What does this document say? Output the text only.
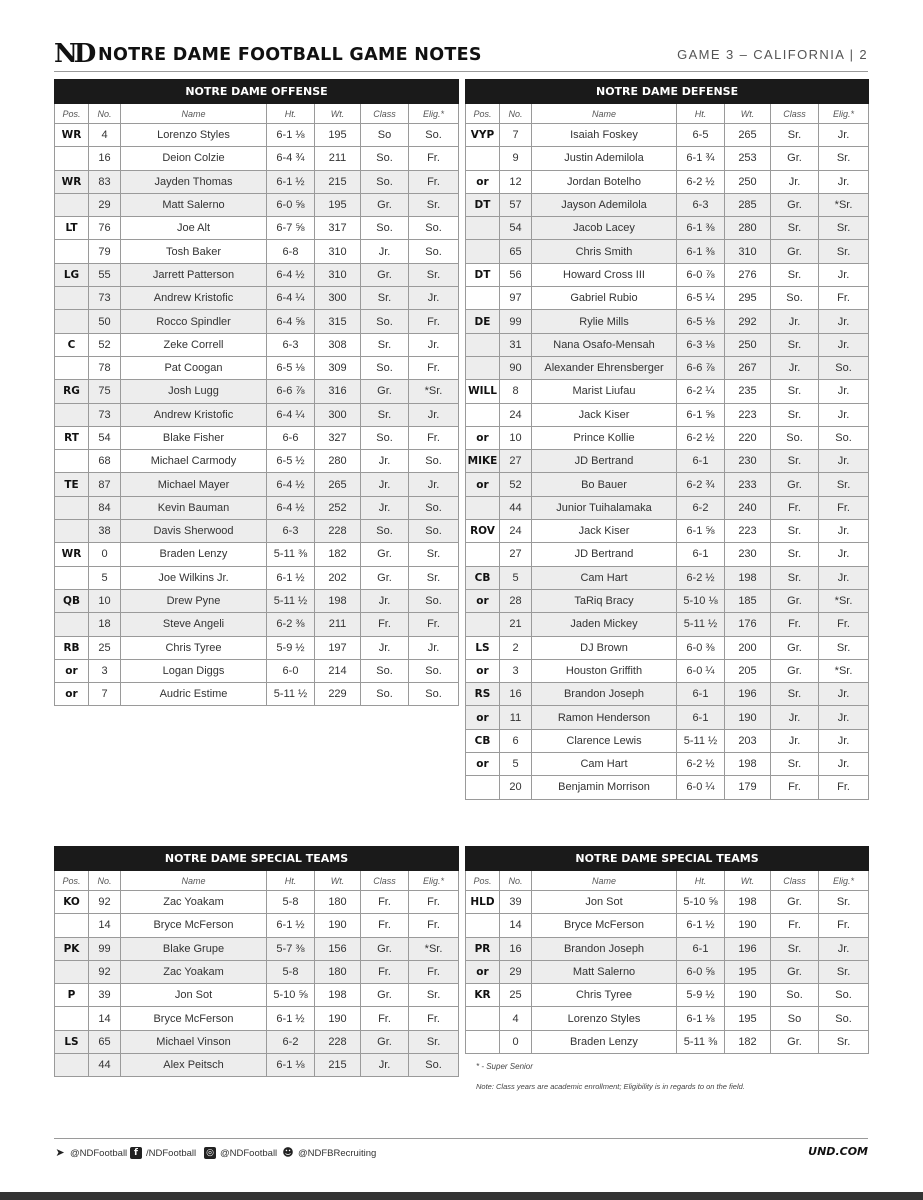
ND NOTRE DAME FOOTBALL GAME NOTES	GAME 3 – CALIFORNIA | 2
NOTRE DAME OFFENSE						
Pos.	No.	Name	Ht.	Wt.	Class	Elig.*
WR	4	Lorenzo Styles	6-1 ⅛	195	So	So.
	16	Deion Colzie	6-4 ¾	211	So.	Fr.
WR	83	Jayden Thomas	6-1 ½	215	So.	Fr.
	29	Matt Salerno	6-0 ⅝	195	Gr.	Sr.
LT	76	Joe Alt	6-7 ⅝	317	So.	So.
	79	Tosh Baker	6-8	310	Jr.	So.
LG	55	Jarrett Patterson	6-4 ½	310	Gr.	Sr.
	73	Andrew Kristofic	6-4 ¼	300	Sr.	Jr.
	50	Rocco Spindler	6-4 ⅝	315	So.	Fr.
C	52	Zeke Correll	6-3	308	Sr.	Jr.
	78	Pat Coogan	6-5 ⅛	309	So.	Fr.
RG	75	Josh Lugg	6-6 ⅞	316	Gr.	*Sr.
	73	Andrew Kristofic	6-4 ¼	300	Sr.	Jr.
RT	54	Blake Fisher	6-6	327	So.	Fr.
	68	Michael Carmody	6-5 ½	280	Jr.	So.
TE	87	Michael Mayer	6-4 ½	265	Jr.	Jr.
	84	Kevin Bauman	6-4 ½	252	Jr.	So.
	38	Davis Sherwood	6-3	228	So.	So.
WR	0	Braden Lenzy	5-11 ⅜	182	Gr.	Sr.
	5	Joe Wilkins Jr.	6-1 ½	202	Gr.	Sr.
QB	10	Drew Pyne	5-11 ½	198	Jr.	So.
	18	Steve Angeli	6-2 ⅜	211	Fr.	Fr.
RB	25	Chris Tyree	5-9 ½	197	Jr.	Jr.
or	3	Logan Diggs	6-0	214	So.	So.
or	7	Audric Estime	5-11 ½	229	So.	So.
NOTRE DAME DEFENSE						
Pos.	No.	Name	Ht.	Wt.	Class	Elig.*
VYP	7	Isaiah Foskey	6-5	265	Sr.	Jr.
	9	Justin Ademilola	6-1 ¾	253	Gr.	Sr.
or	12	Jordan Botelho	6-2 ½	250	Jr.	Jr.
DT	57	Jayson Ademilola	6-3	285	Gr.	*Sr.
	54	Jacob Lacey	6-1 ⅜	280	Sr.	Sr.
	65	Chris Smith	6-1 ⅜	310	Gr.	Sr.
DT	56	Howard Cross III	6-0 ⅞	276	Sr.	Jr.
	97	Gabriel Rubio	6-5 ¼	295	So.	Fr.
DE	99	Rylie Mills	6-5 ⅛	292	Jr.	Jr.
	31	Nana Osafo-Mensah	6-3 ⅛	250	Sr.	Jr.
	90	Alexander Ehrensberger	6-6 ⅞	267	Jr.	So.
WILL	8	Marist Liufau	6-2 ¼	235	Sr.	Jr.
	24	Jack Kiser	6-1 ⅝	223	Sr.	Jr.
or	10	Prince Kollie	6-2 ½	220	So.	So.
MIKE	27	JD Bertrand	6-1	230	Sr.	Jr.
or	52	Bo Bauer	6-2 ¾	233	Gr.	Sr.
	44	Junior Tuihalamaka	6-2	240	Fr.	Fr.
ROV	24	Jack Kiser	6-1 ⅝	223	Sr.	Jr.
	27	JD Bertrand	6-1	230	Sr.	Jr.
CB	5	Cam Hart	6-2 ½	198	Sr.	Jr.
or	28	TaRiq Bracy	5-10 ⅛	185	Gr.	*Sr.
	21	Jaden Mickey	5-11 ½	176	Fr.	Fr.
LS	2	DJ Brown	6-0 ⅜	200	Gr.	Sr.
or	3	Houston Griffith	6-0 ¼	205	Gr.	*Sr.
RS	16	Brandon Joseph	6-1	196	Sr.	Jr.
or	11	Ramon Henderson	6-1	190	Jr.	Jr.
CB	6	Clarence Lewis	5-11 ½	203	Jr.	Jr.
or	5	Cam Hart	6-2 ½	198	Sr.	Jr.
	20	Benjamin Morrison	6-0 ¼	179	Fr.	Fr.
NOTRE DAME SPECIAL TEAMS						
Pos.	No.	Name	Ht.	Wt.	Class	Elig.*
KO	92	Zac Yoakam	5-8	180	Fr.	Fr.
	14	Bryce McFerson	6-1 ½	190	Fr.	Fr.
PK	99	Blake Grupe	5-7 ⅜	156	Gr.	*Sr.
	92	Zac Yoakam	5-8	180	Fr.	Fr.
P	39	Jon Sot	5-10 ⅝	198	Gr.	Sr.
	14	Bryce McFerson	6-1 ½	190	Fr.	Fr.
LS	65	Michael Vinson	6-2	228	Gr.	Sr.
	44	Alex Peitsch	6-1 ⅛	215	Jr.	So.
NOTRE DAME SPECIAL TEAMS						
Pos.	No.	Name	Ht.	Wt.	Class	Elig.*
HLD	39	Jon Sot	5-10 ⅝	198	Gr.	Sr.
	14	Bryce McFerson	6-1 ½	190	Fr.	Fr.
PR	16	Brandon Joseph	6-1	196	Sr.	Jr.
or	29	Matt Salerno	6-0 ⅝	195	Gr.	Sr.
KR	25	Chris Tyree	5-9 ½	190	So.	So.
	4	Lorenzo Styles	6-1 ⅛	195	So	So.
	0	Braden Lenzy	5-11 ⅜	182	Gr.	Sr.
* - Super Senior
Note: Class years are academic enrollment; Eligibility is in regards to on the field.
➤ @NDFootball f /NDFootball ◎ @NDFootball ☻ @NDFBRecruiting	UND.COM
